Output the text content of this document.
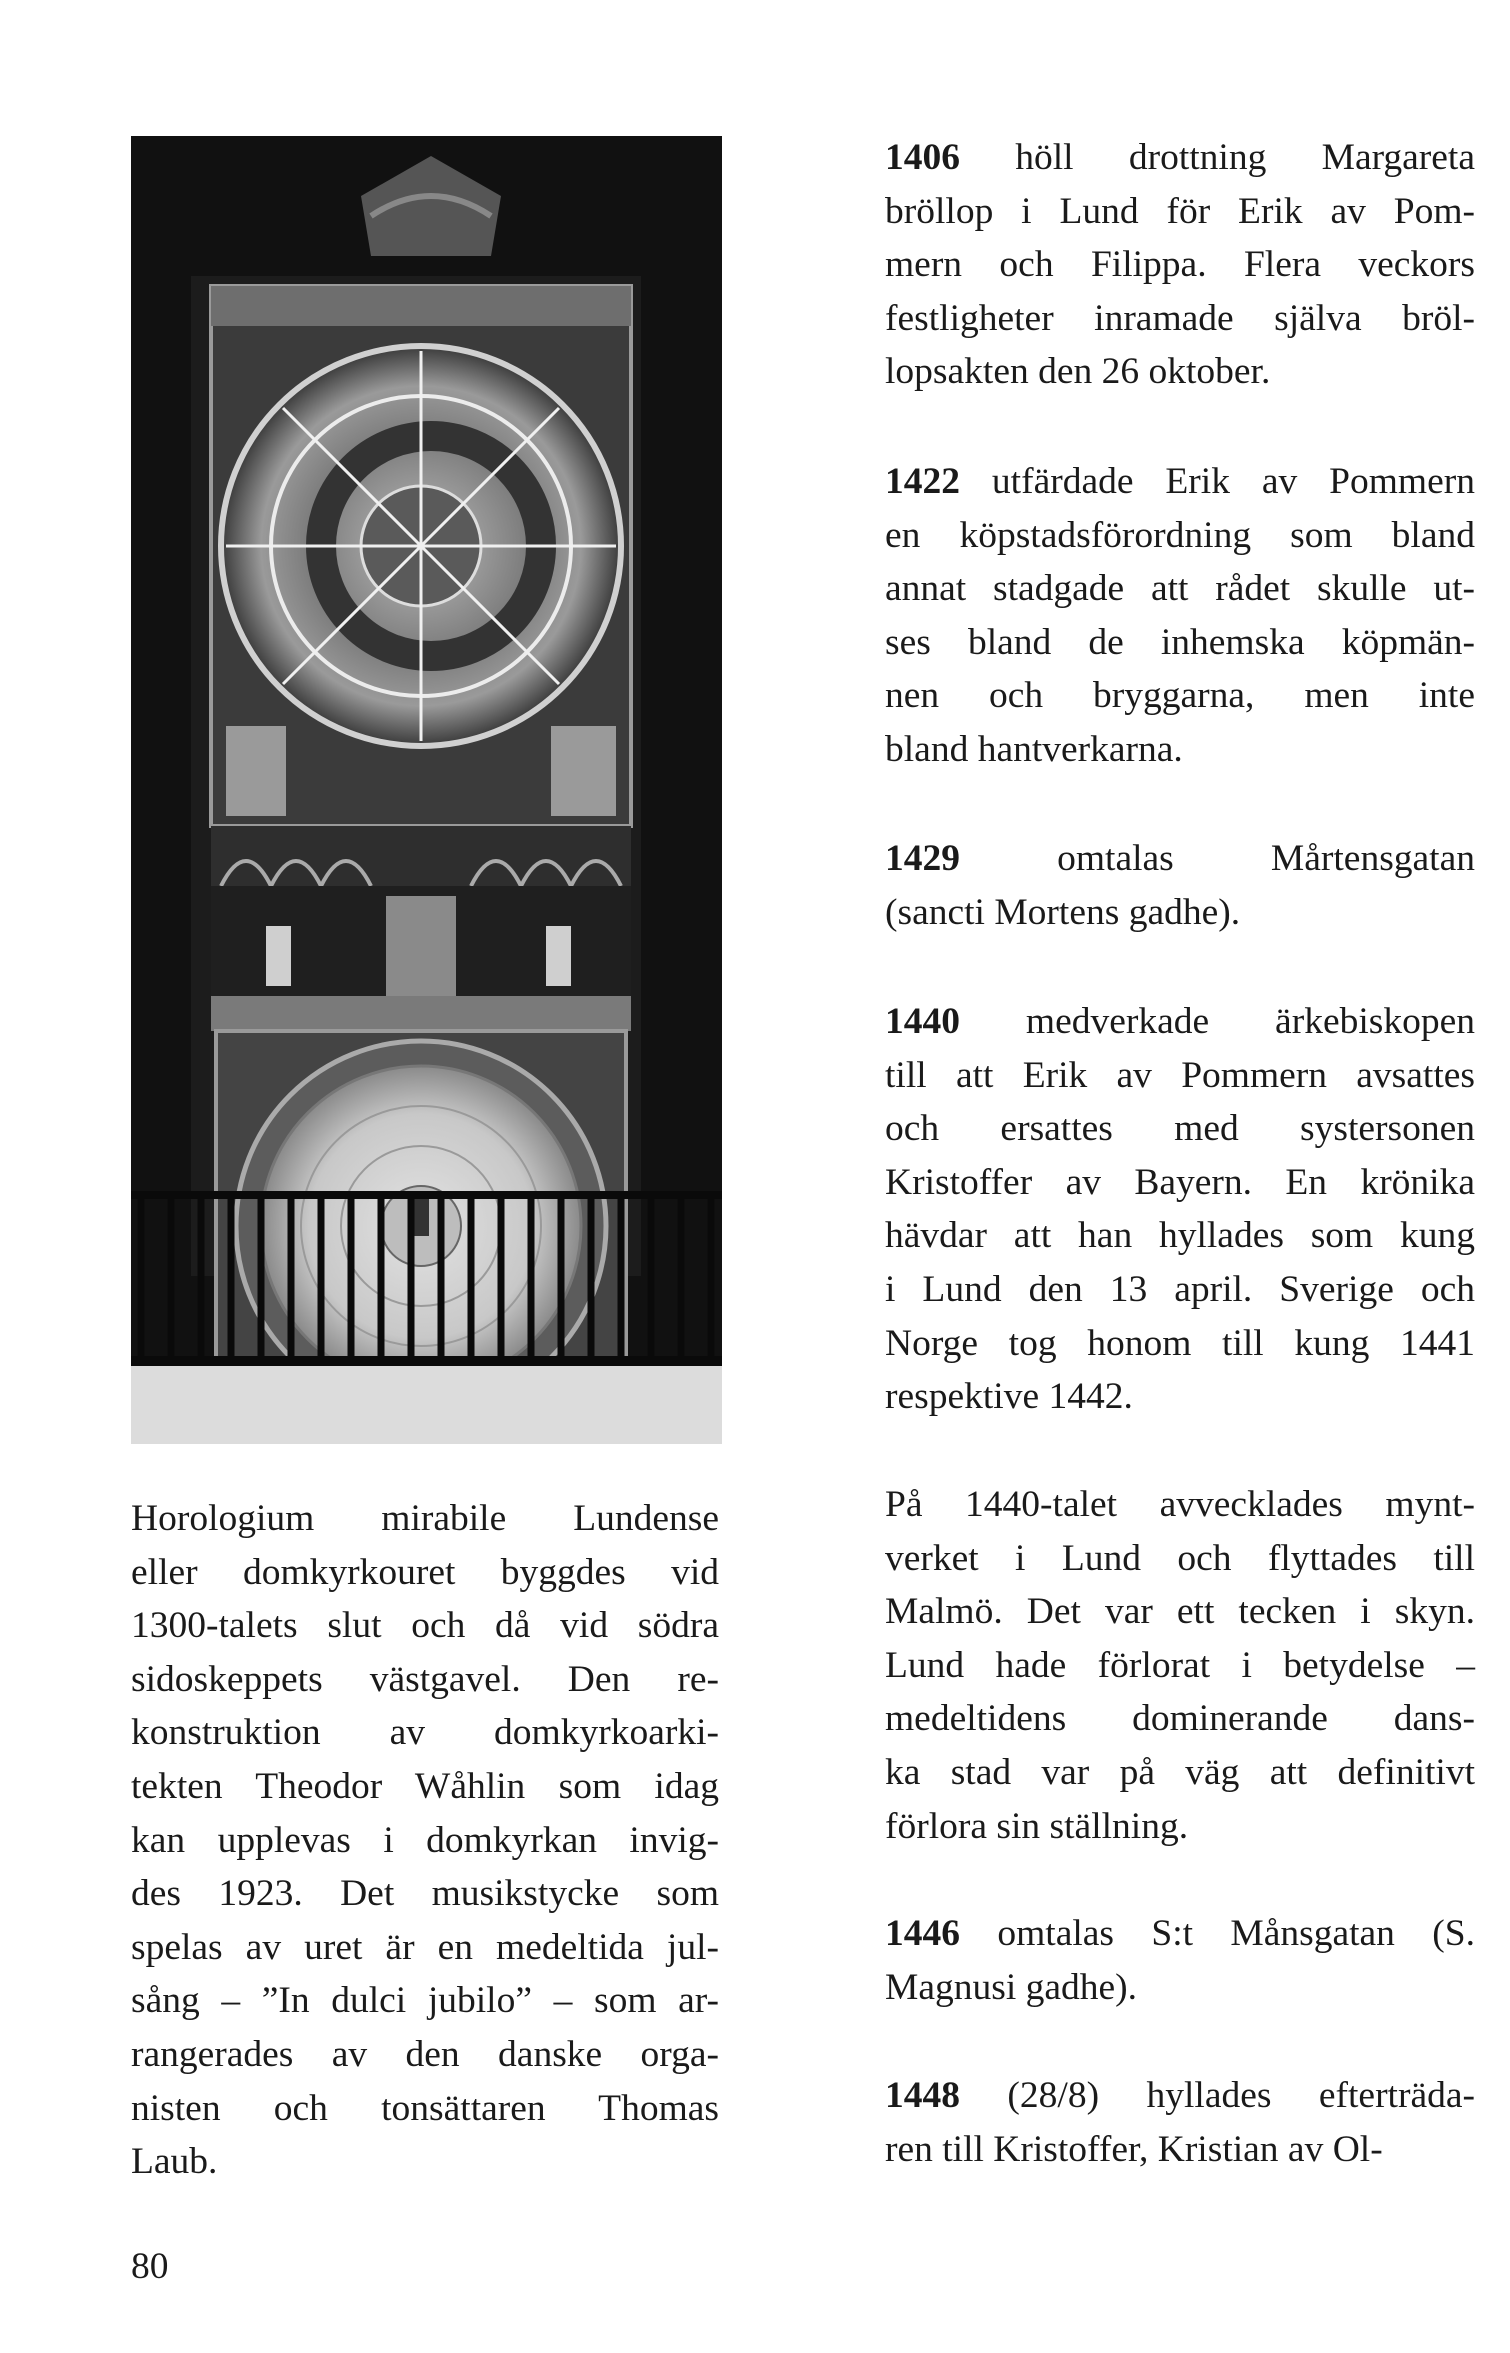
Horologium mirabile Lundense
eller domkyrkouret byggdes vid
1300-talets slut och då vid södra
sidoskeppets västgavel. Den re-
konstruktion av domkyrkoarki-
tekten Theodor Wåhlin som idag
kan upplevas i domkyrkan invig-
des 1923. Det musikstycke som
spelas av uret är en medeltida jul-
sång – ”In dulci jubilo” – som ar-
rangerades av den danske orga-
nisten och tonsättaren Thomas
Laub.
1406 höll drottning Margareta
bröllop i Lund för Erik av Pom-
mern och Filippa. Flera veckors
festligheter inramade själva bröl-
lopsakten den 26 oktober.
1422 utfärdade Erik av Pommern
en köpstadsförordning som bland
annat stadgade att rådet skulle ut-
ses bland de inhemska köpmän-
nen och bryggarna, men inte
bland hantverkarna.
1429 omtalas Mårtensgatan
(sancti Mortens gadhe).
1440 medverkade ärkebiskopen
till att Erik av Pommern avsattes
och ersattes med systersonen
Kristoffer av Bayern. En krönika
hävdar att han hyllades som kung
i Lund den 13 april. Sverige och
Norge tog honom till kung 1441
respektive 1442.
På 1440-talet avvecklades mynt-
verket i Lund och flyttades till
Malmö. Det var ett tecken i skyn.
Lund hade förlorat i betydelse –
medeltidens dominerande dans-
ka stad var på väg att definitivt
förlora sin ställning.
1446 omtalas S:t Månsgatan (S.
Magnusi gadhe).
1448 (28/8) hyllades efterträda-
ren till Kristoffer, Kristian av Ol-
80
